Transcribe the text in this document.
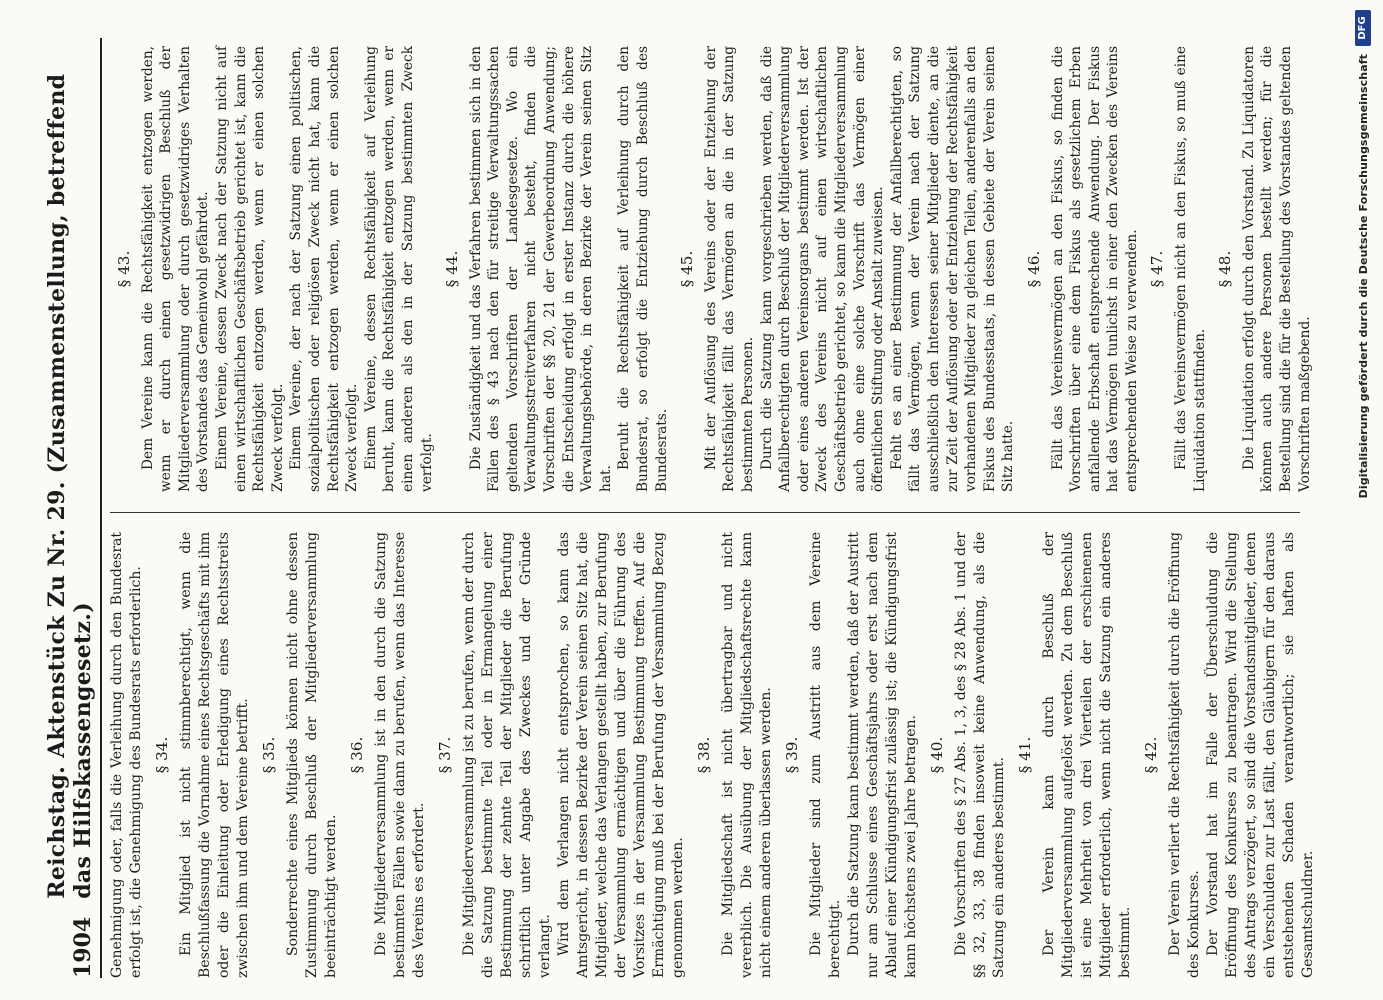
1904
Reichstag. Aktenstück Zu Nr. 29. (Zusammenstellung, betreffend das Hilfskassengesetz.) Genehmigung oder, falls die Verleihung durch den Bundesrat erfolgt ist, die Genehmigung des Bundesrats erforderlich. § 34. Ein Mitglied ist nicht stimmberechtigt, wenn die Beschlußfassung die Vornahme eines Rechtsgeschäfts mit ihm oder die Einleitung oder Erledigung eines Rechtsstreits zwischen ihm und dem Vereine betrifft. § 35. Sonderrechte eines Mitglieds können nicht ohne dessen Zustimmung durch Beschluß der Mitgliederversammlung beeinträchtigt werden.

§ 36. Die Mitgliederversammlung ist in den durch die Satzung bestimmten Fällen sowie dann zu berufen, wenn das Interesse des Vereins es erfordert.

§ 37. Die Mitgliederversammlung ist zu berufen, wenn der durch die Satzung bestimmte Teil oder in Ermangelung einer Bestimmung der zehnte Teil der Mitglieder die Berufung schriftlich unter Angabe des Zweckes und der Gründe verlangt. Wird dem Verlangen nicht entsprochen, so kann das Amtsgericht, in dessen Bezirke der Verein seinen Sitz hat, die Mitglieder, welche das Verlangen gestellt haben, zur Berufung der Versammlung ermächtigen und über die Führung des Vorsitzes in der Versammlung Bestimmung treffen. Auf die Ermächtigung muß bei der Berufung der Versammlung Bezug genommen werden.

§ 38. Die Mitgliedschaft ist nicht übertragbar und nicht vererblich. Die Ausübung der Mitgliedschaftsrechte kann nicht einem anderen überlassen werden. § 39. Die Mitglieder sind zum Austritt aus dem Vereine berechtigt. Durch die Satzung kann bestimmt werden, daß der Austritt nur am Schlusse eines Geschäftsjahrs oder erst nach dem Ablauf einer Kündigungsfrist zulässig ist; die Kündigungsfrist kann höchstens zwei Jahre betragen. § 40. Die Vorschriften des § 27 Abs. 1, 3, des § 28 Abs. 1 und der §§ 32, 33, 38 finden insoweit keine Anwendung, als die Satzung ein anderes bestimmt.

§ 41. Der Verein kann durch Beschluß der Mitgliederversammlung aufgelöst werden. Zu dem Beschluß ist eine Mehrheit von drei Vierteilen der erschienenen Mitglieder erforderlich, wenn nicht die Satzung ein anderes bestimmt.

§ 42. Der Verein verliert die Rechtsfähigkeit durch die Eröffnung des Konkurses. Der Vorstand hat im Falle der Überschuldung die Eröffnung des Konkurses zu beantragen. Wird die Stellung des Antrags verzögert, so sind die Vorstandsmitglieder, denen ein Verschulden zur Last fällt, den Gläubigern für den daraus entstehenden Schaden verantwortlich; sie haften als Gesamtschuldner.

§ 43. Dem Vereine kann die Rechtsfähigkeit entzogen werden, wenn er durch einen gesetzwidrigen Beschluß der Mitgliederversammlung oder durch gesetzwidriges Verhalten des Vorstandes das Gemeinwohl gefährdet. Einem Vereine, dessen Zweck nach der Satzung nicht auf einen wirtschaftlichen Geschäftsbetrieb gerichtet ist, kann die Rechtsfähigkeit entzogen werden, wenn er einen solchen Zweck verfolgt. Einem Vereine, der nach der Satzung einen politischen, sozialpolitischen oder religiösen Zweck nicht hat, kann die Rechtsfähigkeit entzogen werden, wenn er einen solchen Zweck verfolgt. Einem Vereine, dessen Rechtsfähigkeit auf Verleihung beruht, kann die Rechtsfähigkeit entzogen werden, wenn er einen anderen als den in der Satzung bestimmten Zweck verfolgt.

§ 44. Die Zuständigkeit und das Verfahren bestimmen sich in den Fällen des § 43 nach den für streitige Verwaltungssachen geltenden Vorschriften der Landesgesetze. Wo ein Verwaltungsstreitverfahren nicht besteht, finden die Vorschriften der §§ 20, 21 der Gewerbeordnung Anwendung; die Entscheidung erfolgt in erster Instanz durch die höhere Verwaltungsbehörde, in deren Bezirke der Verein seinen Sitz hat.

Beruht die Rechtsfähigkeit auf Verleihung durch den Bundesrat, so erfolgt die Entziehung durch Beschluß des Bundesrats.

§ 45. Mit der Auflösung des Vereins oder der Entziehung der Rechtsfähigkeit fällt das Vermögen an die in der Satzung bestimmten Personen. Durch die Satzung kann vorgeschrieben werden, daß die Anfallberechtigten durch Beschluß der Mitgliederversammlung oder eines anderen Vereinsorgans bestimmt werden. Ist der Zweck des Vereins nicht auf einen wirtschaftlichen Geschäftsbetrieb gerichtet, so kann die Mitgliederversammlung auch ohne eine solche Vorschrift das Vermögen einer öffentlichen Stiftung oder Anstalt zuweisen. Fehlt es an einer Bestimmung der Anfallberechtigten, so fällt das Vermögen, wenn der Verein nach der Satzung ausschließlich den Interessen seiner Mitglieder diente, an die zur Zeit der Auflösung oder der Entziehung der Rechtsfähigkeit vorhandenen Mitglieder zu gleichen Teilen, anderenfalls an den Fiskus des Bundesstaats, in dessen Gebiete der Verein seinen Sitz hatte.

§ 46. Fällt das Vereinsvermögen an den Fiskus, so finden die Vorschriften über eine dem Fiskus als gesetzlichem Erben anfallende Erbschaft entsprechende Anwendung. Der Fiskus hat das Vermögen tunlichst in einer den Zwecken des Vereins entsprechenden Weise zu verwenden. § 47. Fällt das Vereinsvermögen nicht an den Fiskus, so muß eine Liquidation stattfinden.

§ 48. Die Liquidation erfolgt durch den Vorstand. Zu Liquidatoren können auch andere Personen bestellt werden; für die Bestellung sind die für die Bestellung des Vorstandes geltenden Vorschriften maßgebend.	Digitalisierung gefördert durch die Deutsche Forschungsgemeinschaft
DFG
